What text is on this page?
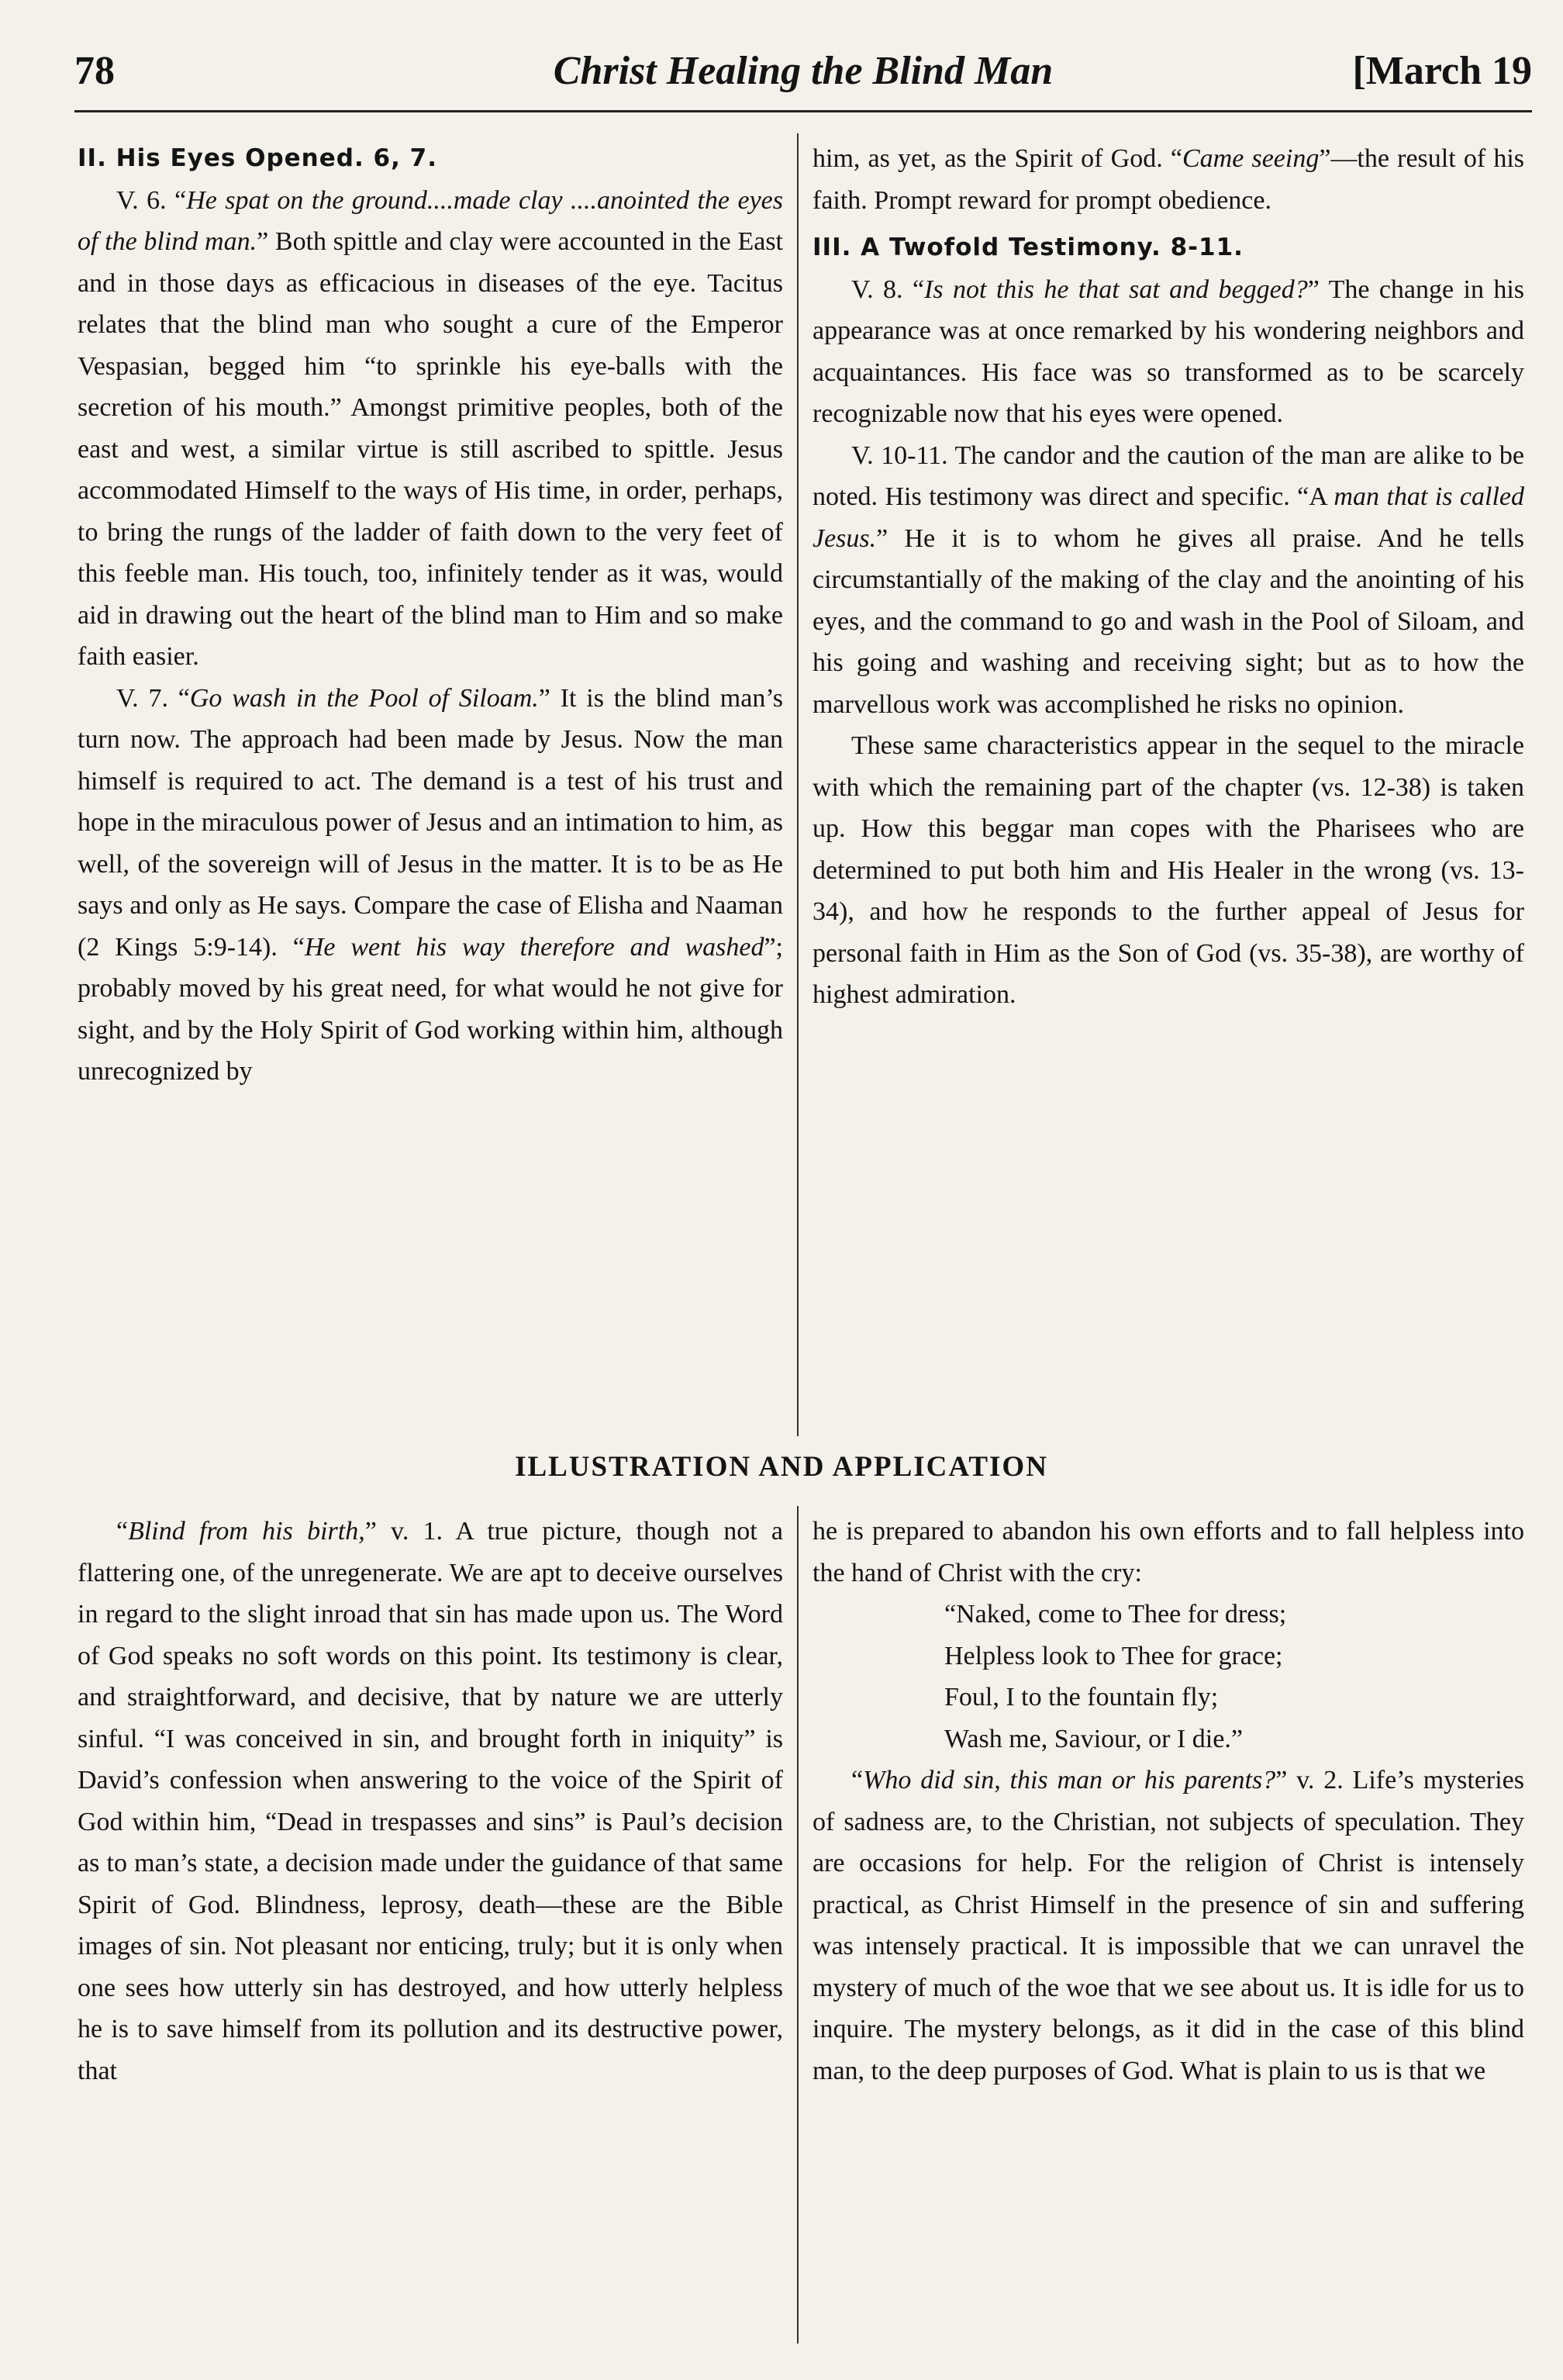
78	Christ Healing the Blind Man	[March 19

II. His Eyes Opened. 6, 7.

V. 6. “He spat on the ground....made clay ....anointed the eyes of the blind man.” Both spittle and clay were accounted in the East and in those days as efficacious in diseases of the eye. Tacitus relates that the blind man who sought a cure of the Emperor Vespasian, begged him “to sprinkle his eye-balls with the secretion of his mouth.” Amongst primitive peoples, both of the east and west, a similar virtue is still ascribed to spittle. Jesus accommodated Himself to the ways of His time, in order, perhaps, to bring the rungs of the ladder of faith down to the very feet of this feeble man. His touch, too, infinitely tender as it was, would aid in drawing out the heart of the blind man to Him and so make faith easier.

V. 7. “Go wash in the Pool of Siloam.” It is the blind man’s turn now. The approach had been made by Jesus. Now the man himself is required to act. The demand is a test of his trust and hope in the miraculous power of Jesus and an intimation to him, as well, of the sovereign will of Jesus in the matter. It is to be as He says and only as He says. Compare the case of Elisha and Naaman (2 Kings 5:9-14). “He went his way therefore and washed”; probably moved by his great need, for what would he not give for sight, and by the Holy Spirit of God working within him, although unrecognized by

him, as yet, as the Spirit of God. “Came seeing”—the result of his faith. Prompt reward for prompt obedience.

III. A Twofold Testimony. 8-11.

V. 8. “Is not this he that sat and begged?” The change in his appearance was at once remarked by his wondering neighbors and acquaintances. His face was so transformed as to be scarcely recognizable now that his eyes were opened.

V. 10-11. The candor and the caution of the man are alike to be noted. His testimony was direct and specific. “A man that is called Jesus.” He it is to whom he gives all praise. And he tells circumstantially of the making of the clay and the anointing of his eyes, and the command to go and wash in the Pool of Siloam, and his going and washing and receiving sight; but as to how the marvellous work was accomplished he risks no opinion.

These same characteristics appear in the sequel to the miracle with which the remaining part of the chapter (vs. 12-38) is taken up. How this beggar man copes with the Pharisees who are determined to put both him and His Healer in the wrong (vs. 13-34), and how he responds to the further appeal of Jesus for personal faith in Him as the Son of God (vs. 35-38), are worthy of highest admiration.

ILLUSTRATION AND APPLICATION

“Blind from his birth,” v. 1. A true picture, though not a flattering one, of the unregenerate. We are apt to deceive ourselves in regard to the slight inroad that sin has made upon us. The Word of God speaks no soft words on this point. Its testimony is clear, and straightforward, and decisive, that by nature we are utterly sinful. “I was conceived in sin, and brought forth in iniquity” is David’s confession when answering to the voice of the Spirit of God within him, “Dead in trespasses and sins” is Paul’s decision as to man’s state, a decision made under the guidance of that same Spirit of God. Blindness, leprosy, death—these are the Bible images of sin. Not pleasant nor enticing, truly; but it is only when one sees how utterly sin has destroyed, and how utterly helpless he is to save himself from its pollution and its destructive power, that

he is prepared to abandon his own efforts and to fall helpless into the hand of Christ with the cry:

“Naked, come to Thee for dress;

Helpless look to Thee for grace;

Foul, I to the fountain fly;

Wash me, Saviour, or I die.”

“Who did sin, this man or his parents?” v. 2. Life’s mysteries of sadness are, to the Christian, not subjects of speculation. They are occasions for help. For the religion of Christ is intensely practical, as Christ Himself in the presence of sin and suffering was intensely practical. It is impossible that we can unravel the mystery of much of the woe that we see about us. It is idle for us to inquire. The mystery belongs, as it did in the case of this blind man, to the deep purposes of God. What is plain to us is that we
